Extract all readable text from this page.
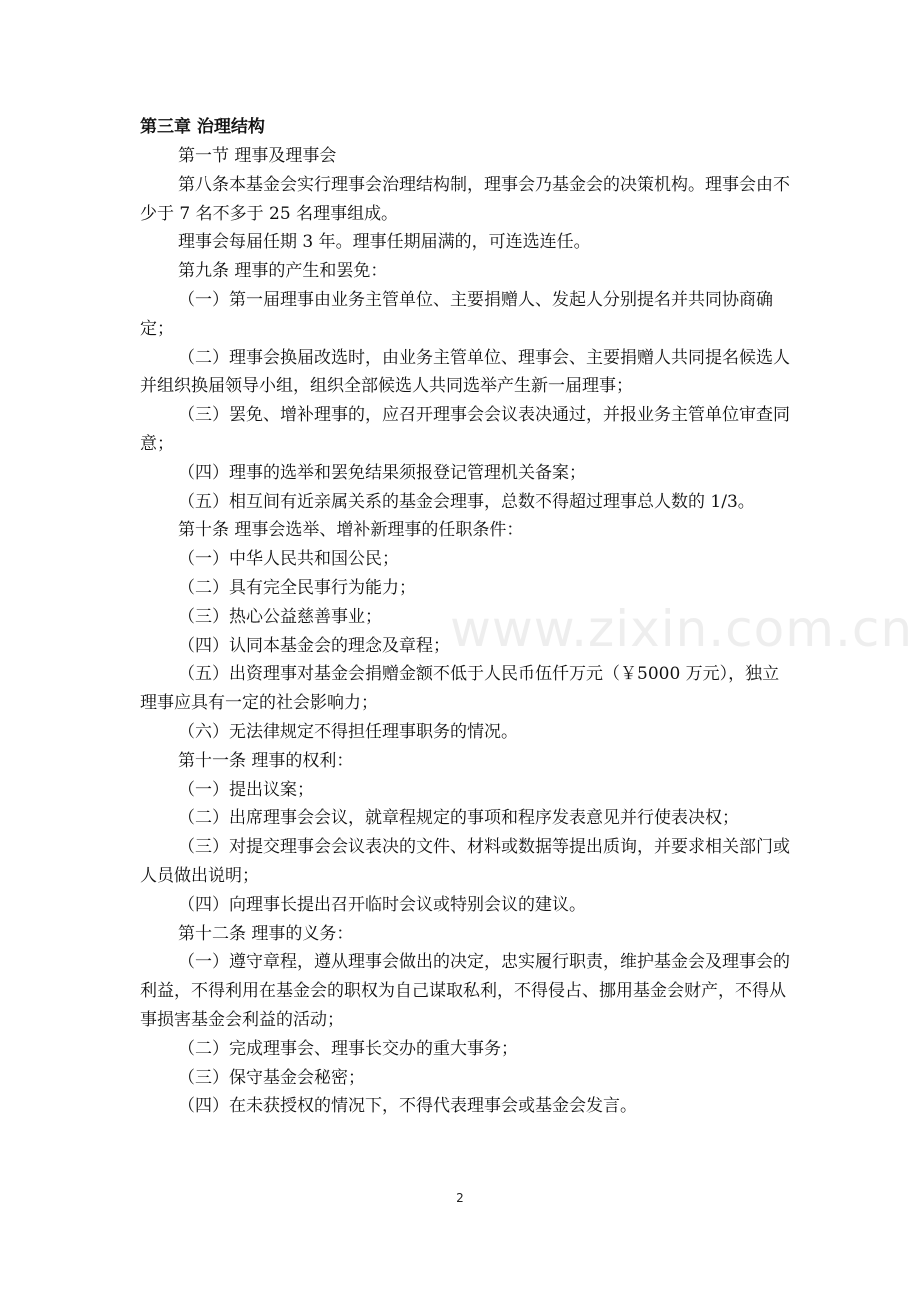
www.zixin.com.cn

第三章 治理结构

第一节 理事及理事会

第八条本基金会实行理事会治理结构制，理事会乃基金会的决策机构。理事会由不少于 7 名不多于 25 名理事组成。

理事会每届任期 3 年。理事任期届满的，可连选连任。

第九条 理事的产生和罢免：

（一）第一届理事由业务主管单位、主要捐赠人、发起人分别提名并共同协商确定；

（二）理事会换届改选时，由业务主管单位、理事会、主要捐赠人共同提名候选人并组织换届领导小组，组织全部候选人共同选举产生新一届理事；

（三）罢免、增补理事的，应召开理事会会议表决通过，并报业务主管单位审查同意；

（四）理事的选举和罢免结果须报登记管理机关备案；

（五）相互间有近亲属关系的基金会理事，总数不得超过理事总人数的 1/3。

第十条 理事会选举、增补新理事的任职条件：

（一）中华人民共和国公民；

（二）具有完全民事行为能力；

（三）热心公益慈善事业；

（四）认同本基金会的理念及章程；

（五）出资理事对基金会捐赠金额不低于人民币伍仟万元（￥5000 万元），独立理事应具有一定的社会影响力；

（六）无法律规定不得担任理事职务的情况。

第十一条 理事的权利：

（一）提出议案；

（二）出席理事会会议，就章程规定的事项和程序发表意见并行使表决权；

（三）对提交理事会会议表决的文件、材料或数据等提出质询，并要求相关部门或人员做出说明；

（四）向理事长提出召开临时会议或特别会议的建议。

第十二条 理事的义务：

（一）遵守章程，遵从理事会做出的决定，忠实履行职责，维护基金会及理事会的利益，不得利用在基金会的职权为自己谋取私利，不得侵占、挪用基金会财产，不得从事损害基金会利益的活动；

（二）完成理事会、理事长交办的重大事务；

（三）保守基金会秘密；

（四）在未获授权的情况下，不得代表理事会或基金会发言。

2
